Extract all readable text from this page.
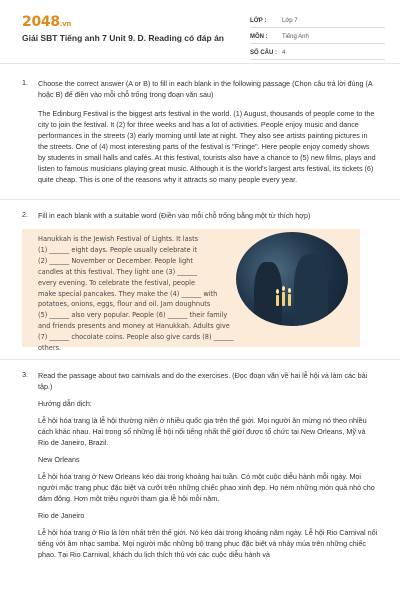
2048.vn
Giải SBT Tiếng anh 7 Unit 9. D. Reading có đáp án
LỚP :	Lớp 7
MÔN :	Tiếng Anh
SỐ CÂU : 4
1. Choose the correct answer (A or B) to fill in each blank in the following passage (Chọn câu trả lời đúng (A hoặc B) để điền vào mỗi chỗ trống trong đoạn văn sau)
The Edinburg Festival is the biggest arts festival in the world. (1) August, thousands of people come to the city to join the festival. It (2) for three weeks and has a lot of activities. People enjoy music and dance performances in the streets (3) early morning until late at night. They also see artists painting pictures in the streets. One of (4) most interesting parts of the festival is "Fringe". Here people enjoy comedy shows by students in small halls and cafés. At this festival, tourists also have a chance to (5) new films, plays and listen to famous musicians playing great music. Although it is the world's largest arts festival, its tickets (6) quite cheap. This is one of the reasons why it attracts so many people every year.
2. Fill in each blank with a suitable word (Điền vào mỗi chỗ trống bằng một từ thích hợp)
Hanukkah is the Jewish Festival of Lights. It lasts
(1) ______ eight days. People usually celebrate it
(2) ______ November or December. People light
candles at this festival. They light one (3) ______
every evening. To celebrate the festival, people
make special pancakes. They make the (4) ______ with
potatoes, onions, eggs, flour and oil. Jam doughnuts
(5) ______ also very popular. People (6) ______ their family
and friends presents and money at Hanukkah. Adults give
(7) ______ chocolate coins. People also give cards (8) ______ others.
3. Read the passage about two carnivals and do the exercises. (Đọc đoạn văn về hai lễ hội và làm các bài tập.)
Hướng dẫn dịch:
Lễ hội hóa trang là lễ hội thường niên ở nhiều quốc gia trên thế giới. Mọi người ăn mừng nó theo nhiều cách khác nhau. Hai trong số những lễ hội nổi tiếng nhất thế giới được tổ chức tại New Orleans, Mỹ và Rio de Janeiro, Brazil.
New Orleans
Lễ hội hóa trang ở New Orleans kéo dài trong khoảng hai tuần. Có một cuộc diễu hành mỗi ngày. Mọi người mặc trang phục đặc biệt và cưỡi trên những chiếc phao xinh đẹp. Họ ném những món quà nhỏ cho đám đông. Hơn một triệu người tham gia lễ hội mỗi năm.
Rio de Janeiro
Lễ hội hóa trang ở Rio là lớn nhất trên thế giới. Nó kéo dài trong khoảng năm ngày. Lễ hội Rio Carnival nổi tiếng với âm nhạc samba. Mọi người mặc những bộ trang phục đặc biệt và nhảy múa trên những chiếc phao. Tại Rio Carnival, khách du lịch thích thú với các cuộc diễu hành và
